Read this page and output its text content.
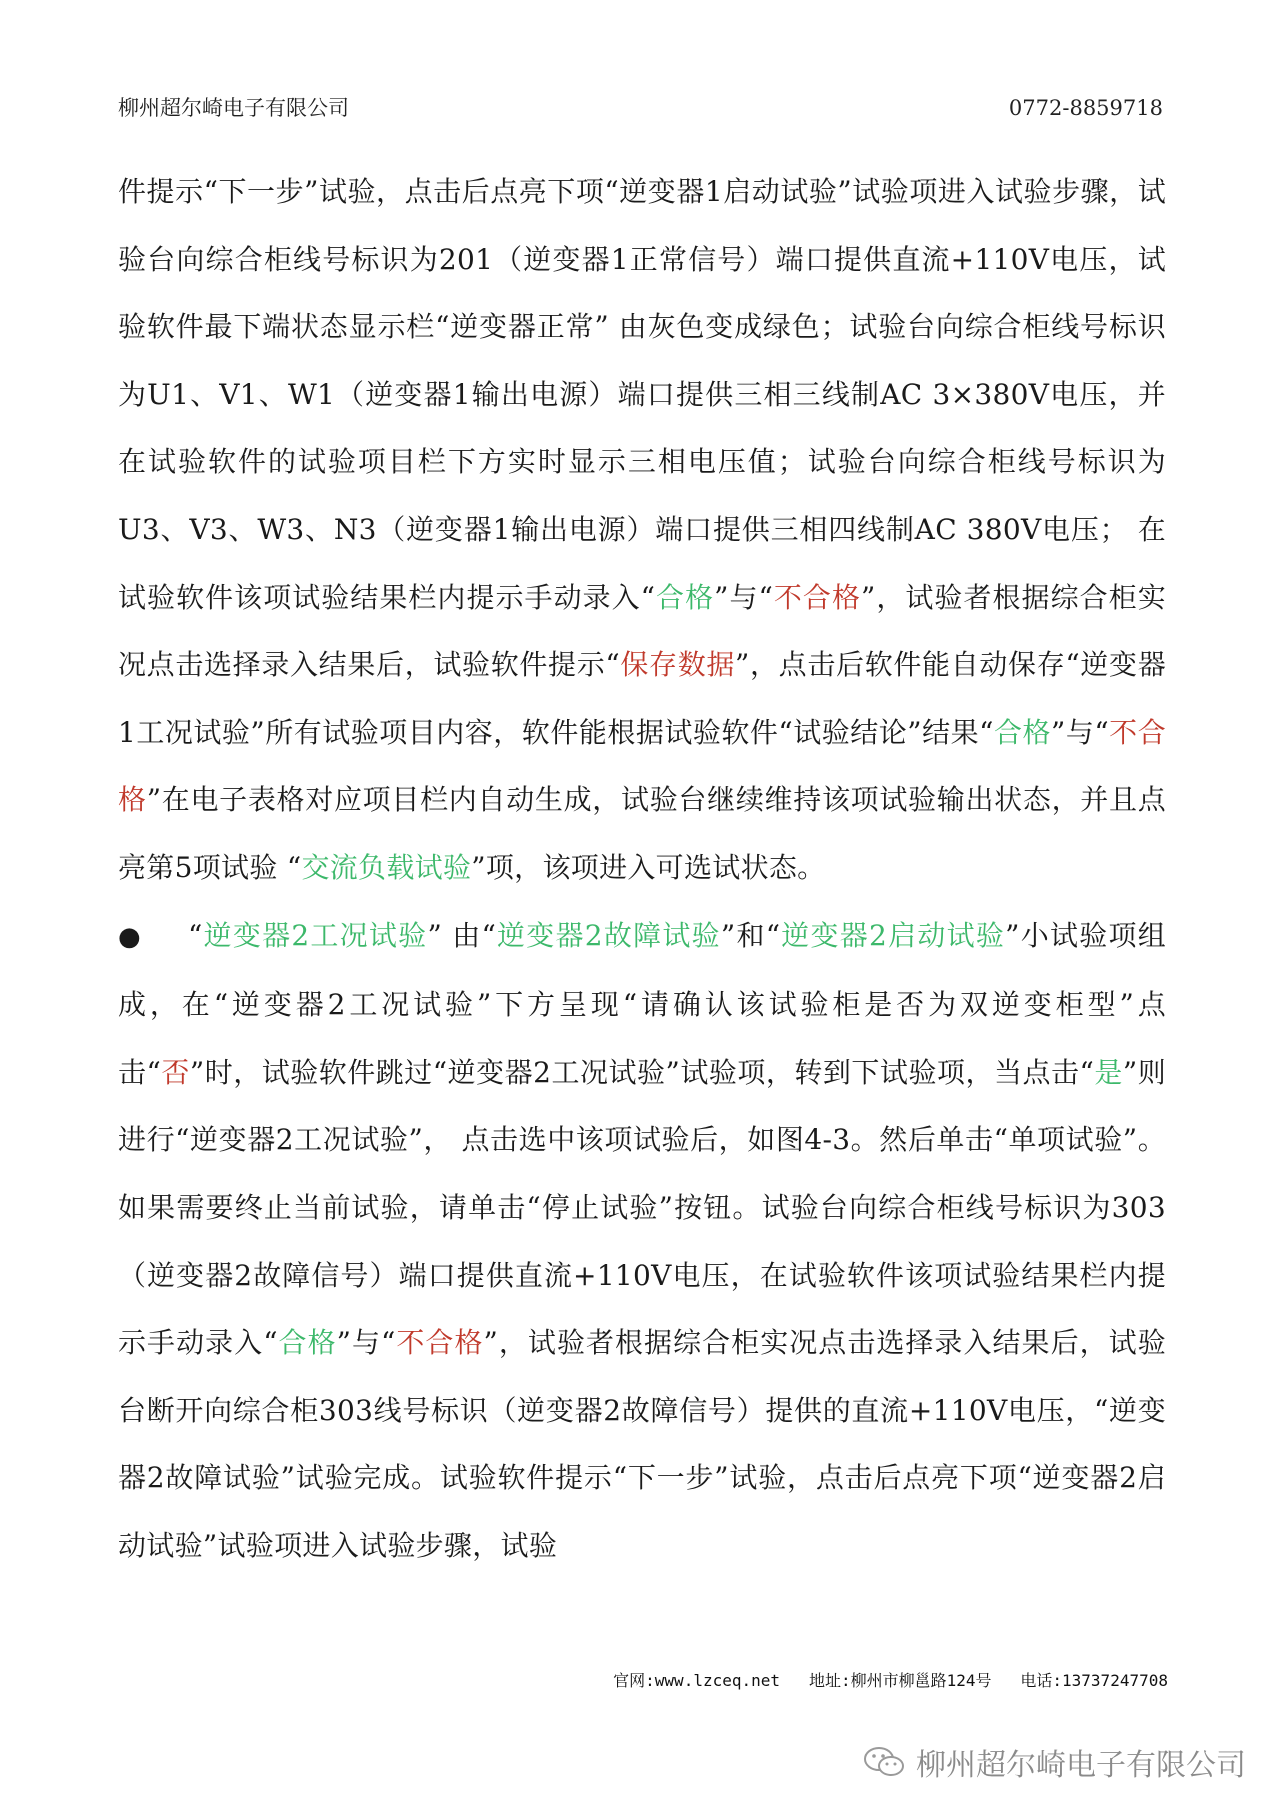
柳州超尔崎电子有限公司	0772-8859718

件提示“下一步”试验，点击后点亮下项“逆变器1启动试验”试验项进入试验步骤，试验台向综合柜线号标识为201（逆变器1正常信号）端口提供直流+110V电压，试验软件最下端状态显示栏“逆变器正常” 由灰色变成绿色；试验台向综合柜线号标识为U1、V1、W1（逆变器1输出电源）端口提供三相三线制AC 3×380V电压，并在试验软件的试验项目栏下方实时显示三相电压值；试验台向综合柜线号标识为U3、V3、W3、N3（逆变器1输出电源）端口提供三相四线制AC 380V电压； 在试验软件该项试验结果栏内提示手动录入“合格”与“不合格”，试验者根据综合柜实况点击选择录入结果后，试验软件提示“保存数据”，点击后软件能自动保存“逆变器1工况试验”所有试验项目内容，软件能根据试验软件“试验结论”结果“合格”与“不合格”在电子表格对应项目栏内自动生成，试验台继续维持该项试验输出状态，并且点亮第5项试验 “交流负载试验”项，该项进入可选试状态。

● “逆变器2工况试验” 由“逆变器2故障试验”和“逆变器2启动试验”小试验项组成，在“逆变器2工况试验”下方呈现“请确认该试验柜是否为双逆变柜型”点击“否”时，试验软件跳过“逆变器2工况试验”试验项，转到下试验项，当点击“是”则进行“逆变器2工况试验”， 点击选中该项试验后，如图4-3。然后单击“单项试验”。如果需要终止当前试验，请单击“停止试验”按钮。试验台向综合柜线号标识为303（逆变器2故障信号）端口提供直流+110V电压，在试验软件该项试验结果栏内提示手动录入“合格”与“不合格”，试验者根据综合柜实况点击选择录入结果后，试验台断开向综合柜303线号标识（逆变器2故障信号）提供的直流+110V电压，“逆变器2故障试验”试验完成。试验软件提示“下一步”试验，点击后点亮下项“逆变器2启动试验”试验项进入试验步骤，试验

官网:www.lzceq.net 地址:柳州市柳邕路124号 电话:13737247708
柳州超尔崎电子有限公司
